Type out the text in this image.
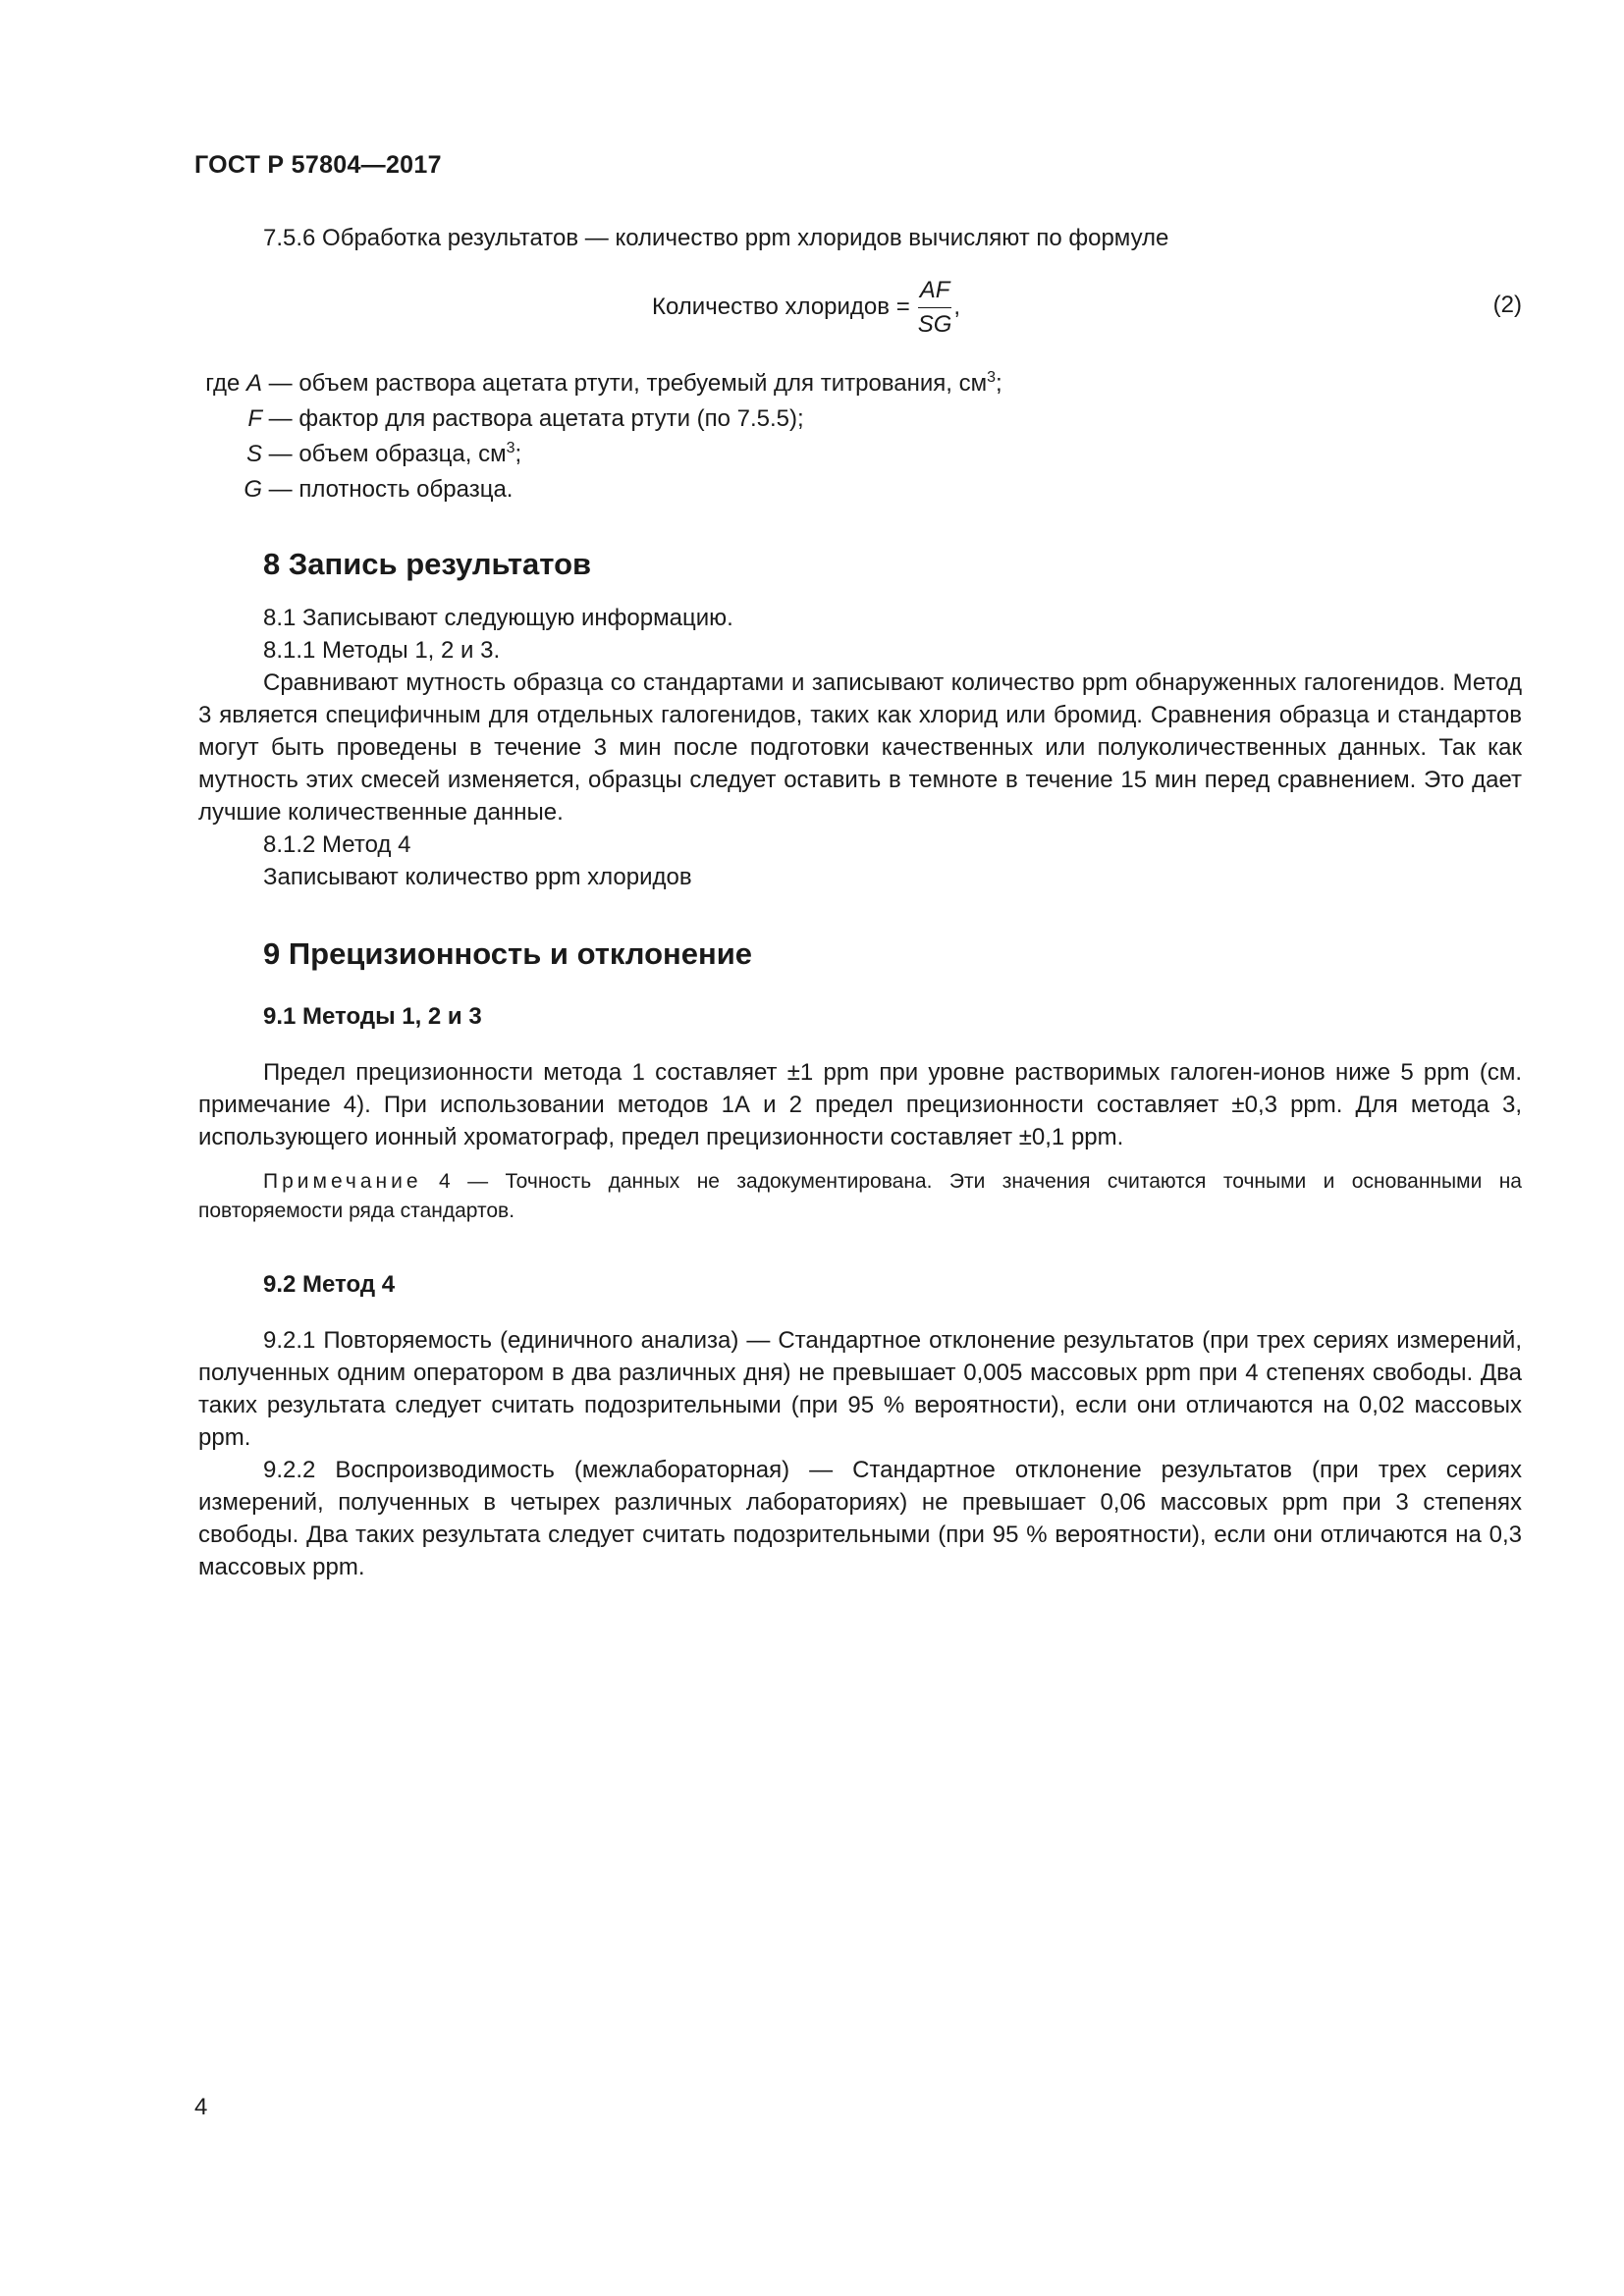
ГОСТ Р 57804—2017

7.5.6 Обработка результатов — количество ppm хлоридов вычисляют по формуле

Количество хлоридов = $\frac{AF}{SG}$ ,	(2)
где A — объем раствора ацетата ртути, требуемый для титрования, $см^3$;
F — фактор для раствора ацетата ртути (по 7.5.5);
S — объем образца, $см^3$;
G — плотность образца.
8 Запись результатов

8.1 Записывают следующую информацию.

8.1.1 Методы 1, 2 и 3.

Сравнивают мутность образца со стандартами и записывают количество ppm обнаруженных галогенидов. Метод 3 является специфичным для отдельных галогенидов, таких как хлорид или бромид. Сравнения образца и стандартов могут быть проведены в течение 3 мин после подготовки качественных или полуколичественных данных. Так как мутность этих смесей изменяется, образцы следует оставить в темноте в течение 15 мин перед сравнением. Это дает лучшие количественные данные.

8.1.2 Метод 4

Записывают количество ppm хлоридов

9 Прецизионность и отклонение
9.1 Методы 1, 2 и 3

Предел прецизионности метода 1 составляет ±1 ppm при уровне растворимых галоген-ионов ниже 5 ppm (см. примечание 4). При использовании методов 1А и 2 предел прецизионности составляет ±0,3 ppm. Для метода 3, использующего ионный хроматограф, предел прецизионности составляет ±0,1 ppm.

Примечание 4 — Точность данных не задокументирована. Эти значения считаются точными и основанными на повторяемости ряда стандартов.

9.2 Метод 4

9.2.1 Повторяемость (единичного анализа) — Стандартное отклонение результатов (при трех сериях измерений, полученных одним оператором в два различных дня) не превышает 0,005 массовых ppm при 4 степенях свободы. Два таких результата следует считать подозрительными (при 95 % вероятности), если они отличаются на 0,02 массовых ppm.

9.2.2 Воспроизводимость (межлабораторная) — Стандартное отклонение результатов (при трех сериях измерений, полученных в четырех различных лабораториях) не превышает 0,06 массовых ppm при 3 степенях свободы. Два таких результата следует считать подозрительными (при 95 % вероятности), если они отличаются на 0,3 массовых ppm.

4
